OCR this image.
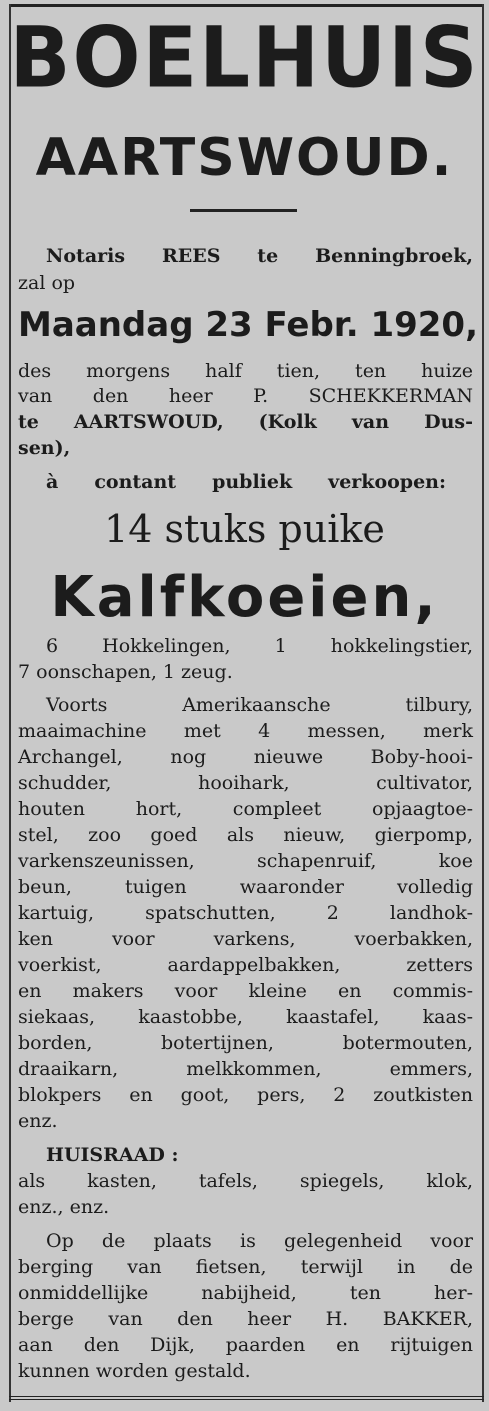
BOELHUIS
AARTSWOUD.
Notaris REES te Benningbroek,
zal op
Maandag 23 Febr. 1920,
des morgens half tien, ten huize
van den heer P. SCHEKKERMAN
te AARTSWOUD, (Kolk van Dus-
sen),
à contant publiek verkoopen:
14 stuks puike
Kalfkoeien,
6 Hokkelingen, 1 hokkelingstier,
7 oonschapen, 1 zeug.
Voorts Amerikaansche tilbury,
maaimachine met 4 messen, merk
Archangel, nog nieuwe Boby-hooi-
schudder, hooihark, cultivator,
houten hort, compleet opjaagtoe-
stel, zoo goed als nieuw, gierpomp,
varkenszeunissen, schapenruif, koe
beun, tuigen waaronder volledig
kartuig, spatschutten, 2 landhok-
ken voor varkens, voerbakken,
voerkist, aardappelbakken, zetters
en makers voor kleine en commis-
siekaas, kaastobbe, kaastafel, kaas-
borden, botertijnen, botermouten,
draaikarn, melkkommen, emmers,
blokpers en goot, pers, 2 zoutkisten
enz.
HUISRAAD :
als kasten, tafels, spiegels, klok,
enz., enz.
Op de plaats is gelegenheid voor
berging van fietsen, terwijl in de
onmiddellijke nabijheid, ten her-
berge van den heer H. BAKKER,
aan den Dijk, paarden en rijtuigen
kunnen worden gestald.
